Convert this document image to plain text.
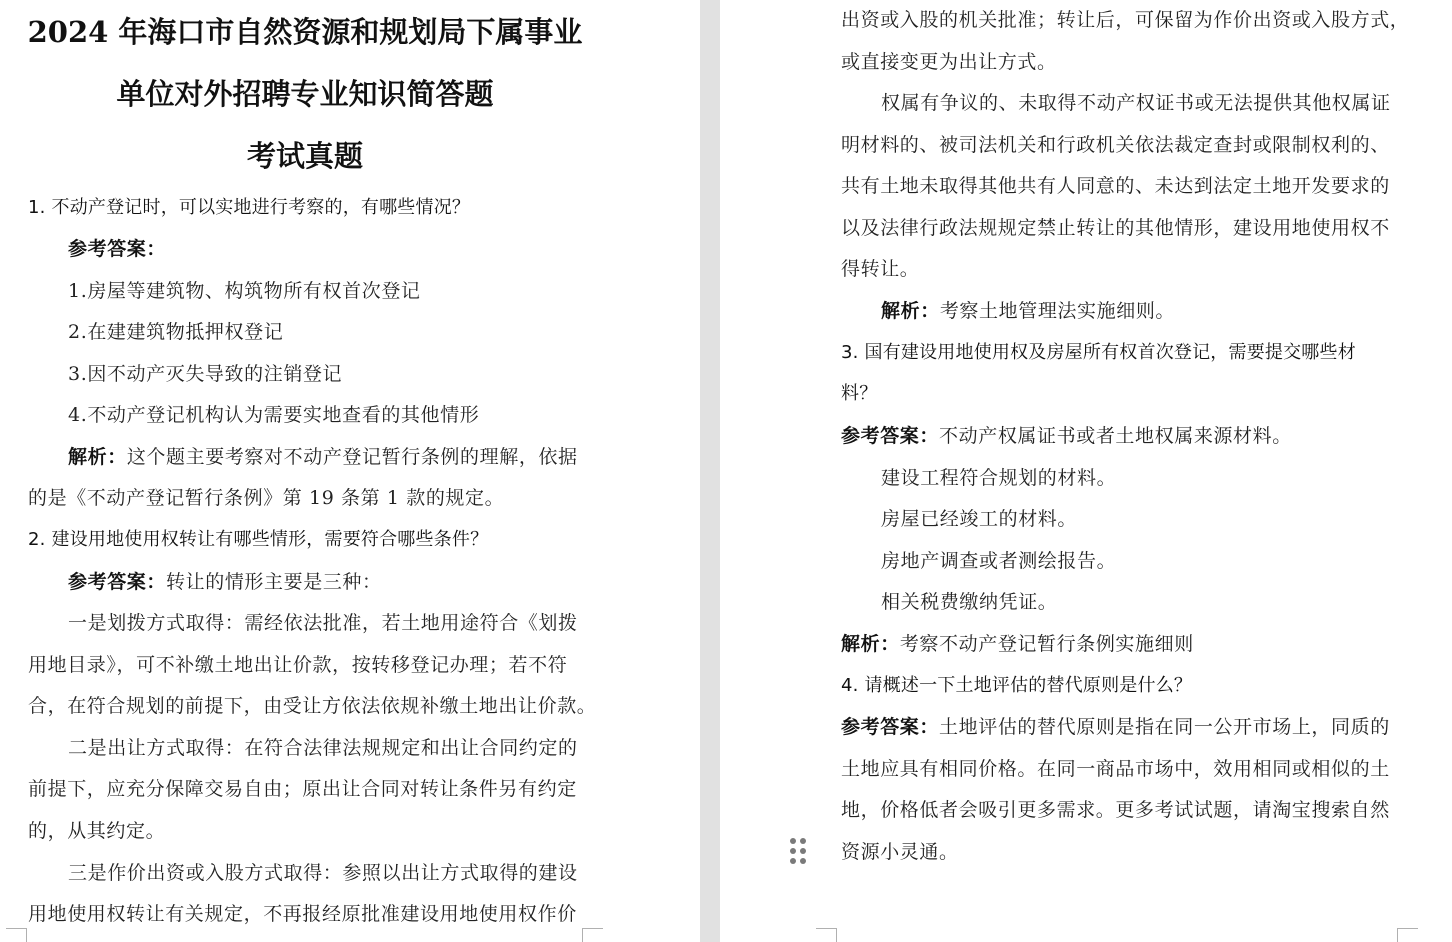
2024 年海口市自然资源和规划局下属事业
单位对外招聘专业知识简答题
考试真题
1. 不动产登记时，可以实地进行考察的，有哪些情况？
参考答案：
1.房屋等建筑物、构筑物所有权首次登记
2.在建建筑物抵押权登记
3.因不动产灭失导致的注销登记
4.不动产登记机构认为需要实地查看的其他情形
解析：这个题主要考察对不动产登记暂行条例的理解，依据
的是《不动产登记暂行条例》第 19 条第 1 款的规定。
2. 建设用地使用权转让有哪些情形，需要符合哪些条件？
参考答案：转让的情形主要是三种：
一是划拨方式取得：需经依法批准，若土地用途符合《划拨
用地目录》，可不补缴土地出让价款，按转移登记办理；若不符
合，在符合规划的前提下，由受让方依法依规补缴土地出让价款。
二是出让方式取得：在符合法律法规规定和出让合同约定的
前提下，应充分保障交易自由；原出让合同对转让条件另有约定
的，从其约定。
三是作价出资或入股方式取得：参照以出让方式取得的建设
用地使用权转让有关规定，不再报经原批准建设用地使用权作价
出资或入股的机关批准；转让后，可保留为作价出资或入股方式，
或直接变更为出让方式。
权属有争议的、未取得不动产权证书或无法提供其他权属证
明材料的、被司法机关和行政机关依法裁定查封或限制权利的、
共有土地未取得其他共有人同意的、未达到法定土地开发要求的
以及法律行政法规规定禁止转让的其他情形，建设用地使用权不
得转让。
解析：考察土地管理法实施细则。
3. 国有建设用地使用权及房屋所有权首次登记，需要提交哪些材
料？
参考答案：不动产权属证书或者土地权属来源材料。
建设工程符合规划的材料。
房屋已经竣工的材料。
房地产调查或者测绘报告。
相关税费缴纳凭证。
解析：考察不动产登记暂行条例实施细则
4. 请概述一下土地评估的替代原则是什么？
参考答案：土地评估的替代原则是指在同一公开市场上，同质的
土地应具有相同价格。在同一商品市场中，效用相同或相似的土
地，价格低者会吸引更多需求。更多考试试题，请淘宝搜索自然
资源小灵通。
